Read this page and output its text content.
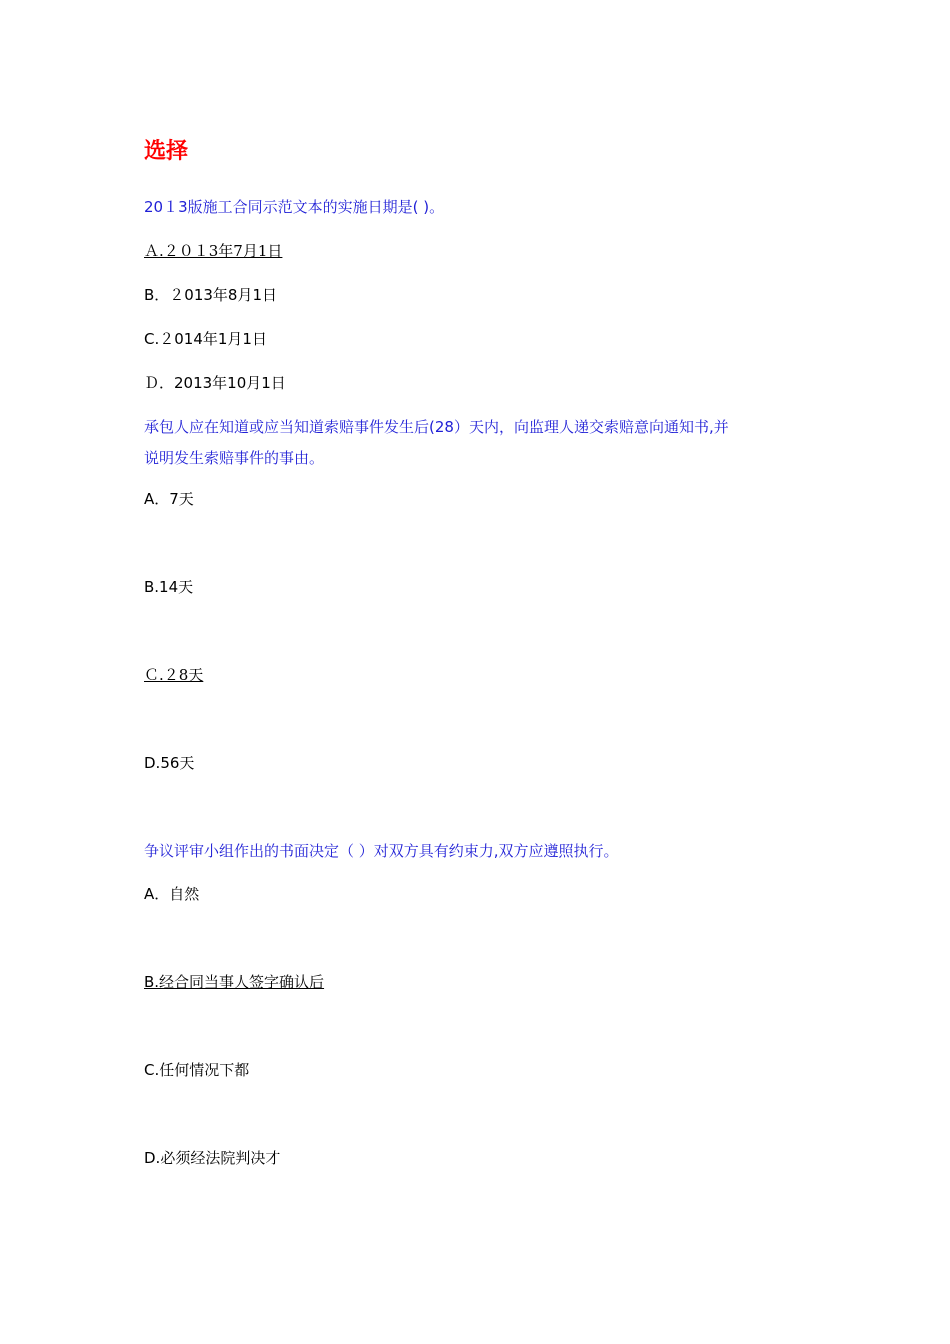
选择
20１3版施工合同示范文本的实施日期是( )。
Ａ.２０１3年7月1日
B．２013年8月1日
C.２014年1月1日
Ｄ．2013年10月1日
承包人应在知道或应当知道索赔事件发生后(28）天内，向监理人递交索赔意向通知书,并
说明发生索赔事件的事由。
A．7天
B.14天
Ｃ.２8天
D.56天
争议评审小组作出的书面决定（ ）对双方具有约束力,双方应遵照执行。
A．自然
B.经合同当事人签字确认后
C.任何情况下都
D.必须经法院判决才
